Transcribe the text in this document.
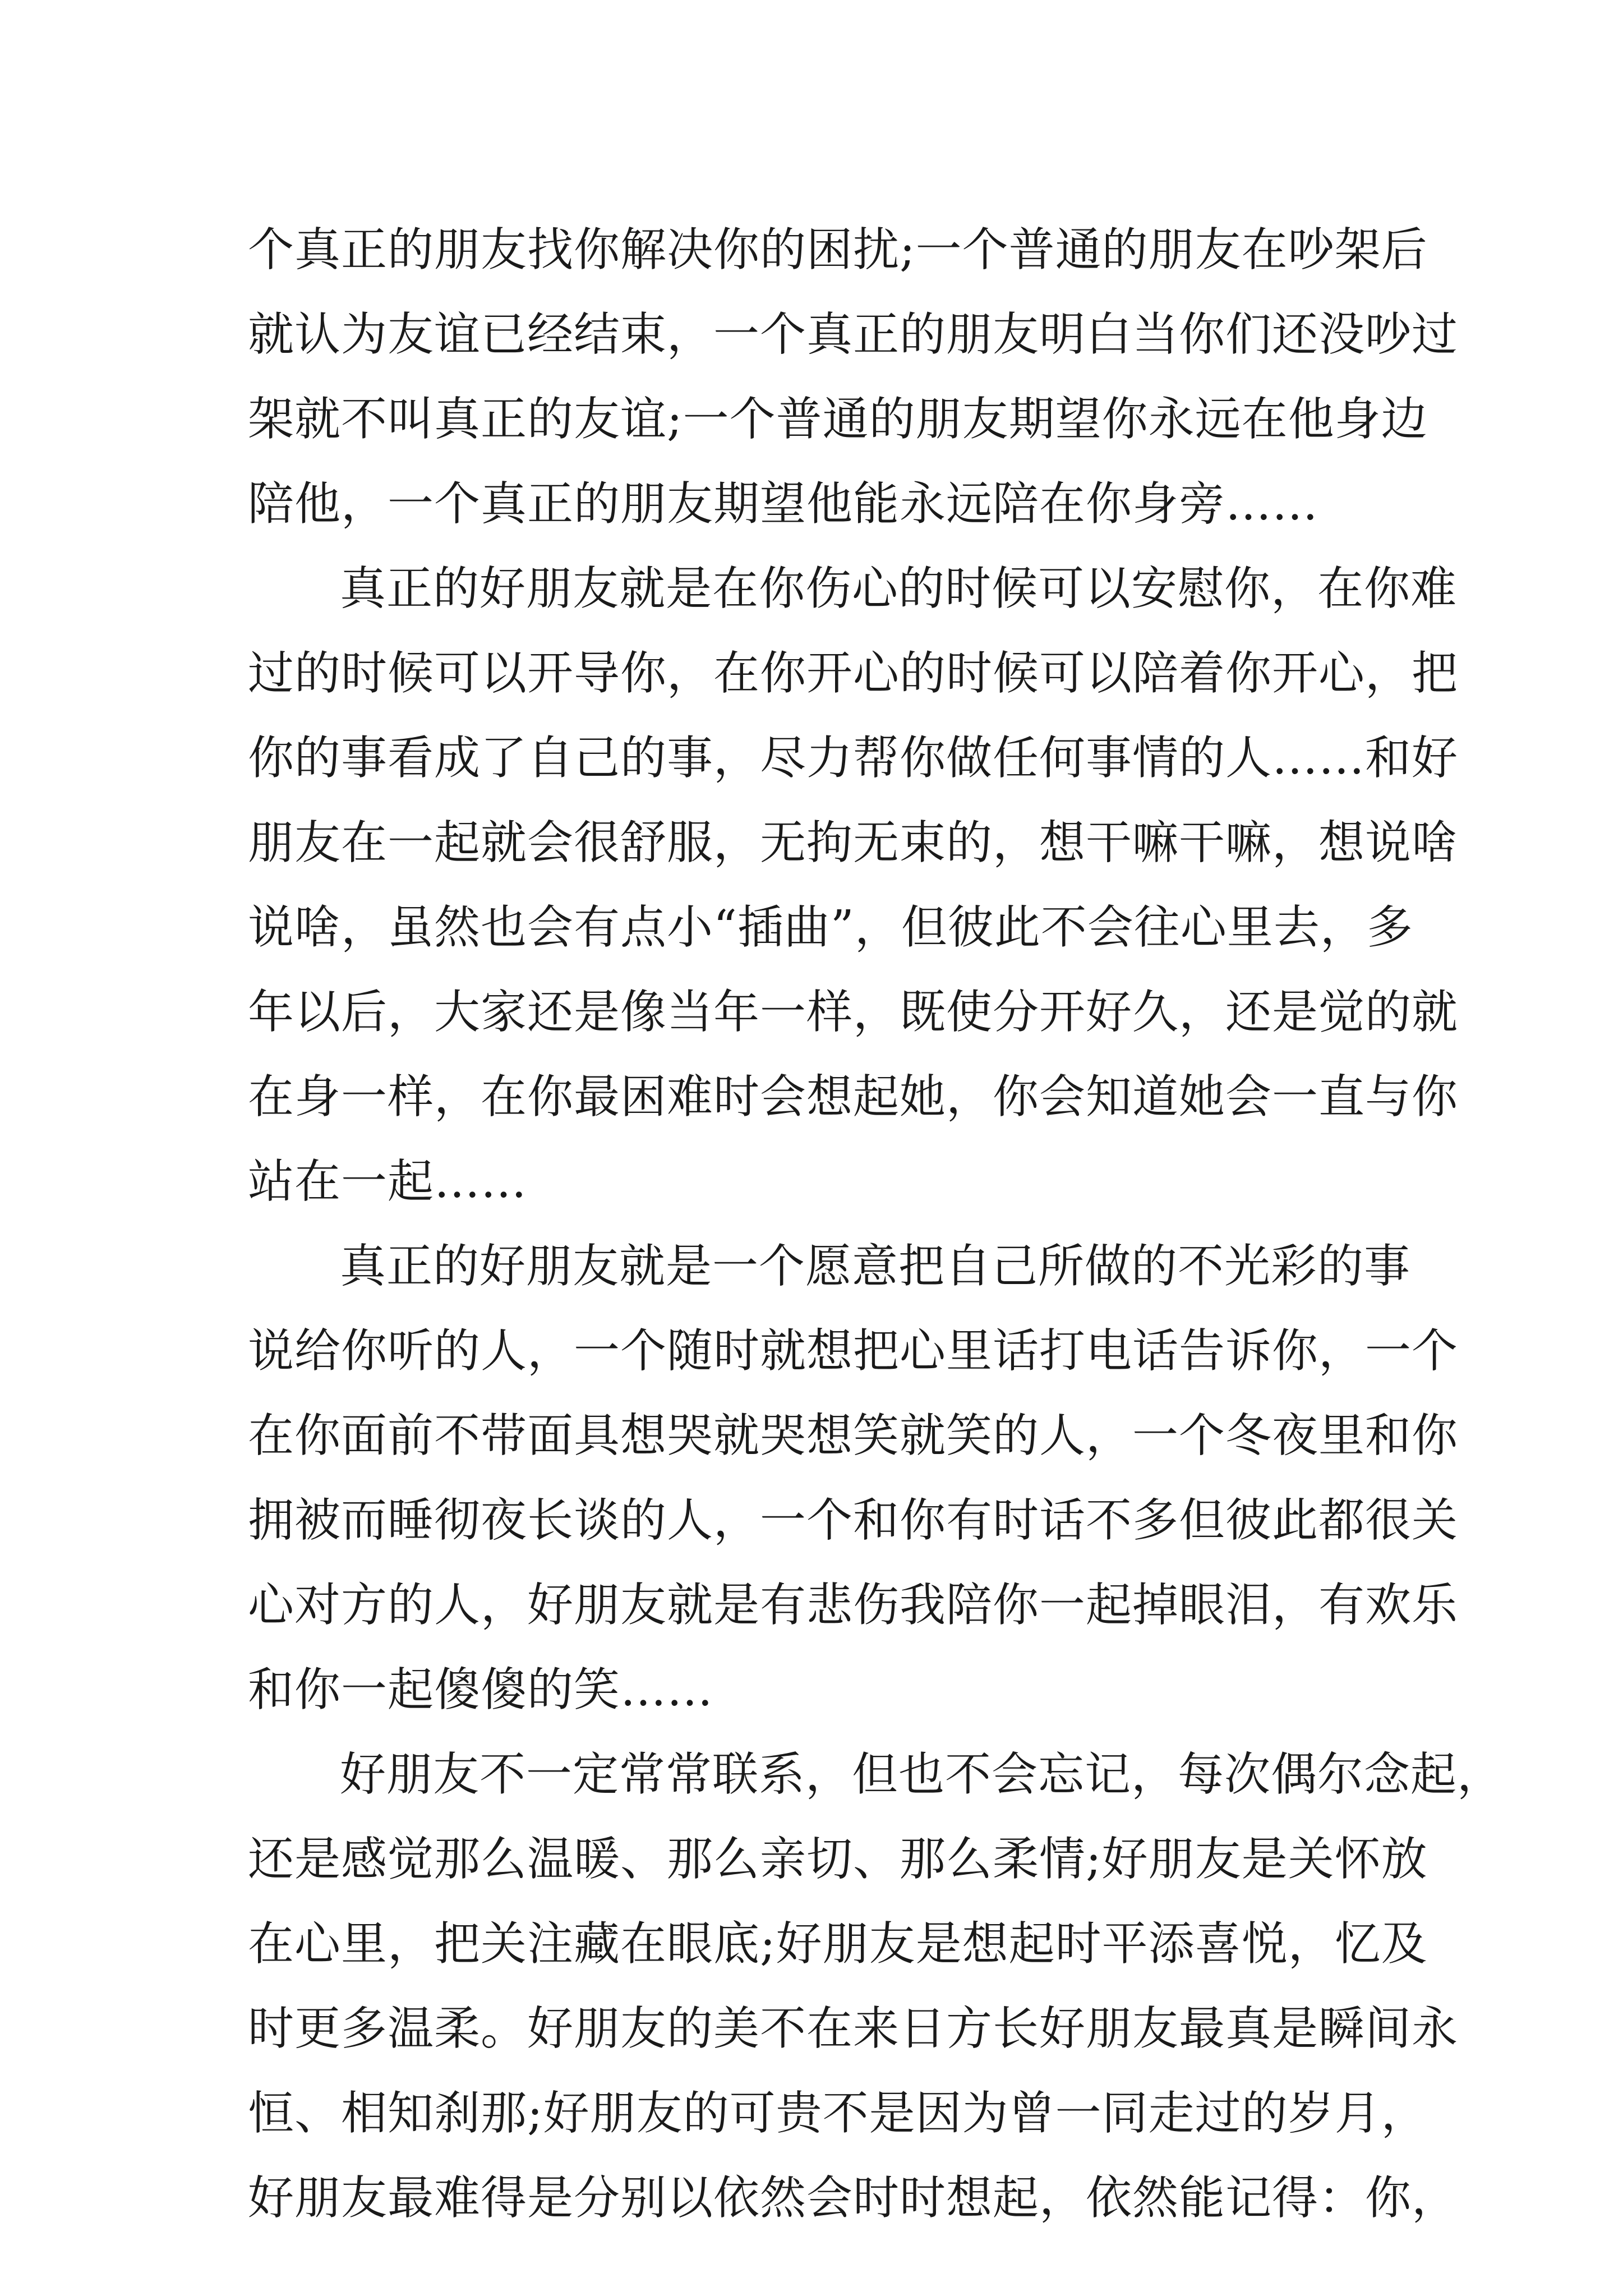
个真正的朋友找你解决你的困扰;一个普通的朋友在吵架后
就认为友谊已经结束，一个真正的朋友明白当你们还没吵过
架就不叫真正的友谊;一个普通的朋友期望你永远在他身边
陪他，一个真正的朋友期望他能永远陪在你身旁……
真正的好朋友就是在你伤心的时候可以安慰你，在你难
过的时候可以开导你，在你开心的时候可以陪着你开心，把
你的事看成了自己的事，尽力帮你做任何事情的人……和好
朋友在一起就会很舒服，无拘无束的，想干嘛干嘛，想说啥
说啥，虽然也会有点小“插曲”，但彼此不会往心里去，多
年以后，大家还是像当年一样，既使分开好久，还是觉的就
在身一样，在你最困难时会想起她，你会知道她会一直与你
站在一起……
真正的好朋友就是一个愿意把自己所做的不光彩的事
说给你听的人，一个随时就想把心里话打电话告诉你，一个
在你面前不带面具想哭就哭想笑就笑的人，一个冬夜里和你
拥被而睡彻夜长谈的人，一个和你有时话不多但彼此都很关
心对方的人，好朋友就是有悲伤我陪你一起掉眼泪，有欢乐
和你一起傻傻的笑……
好朋友不一定常常联系，但也不会忘记，每次偶尔念起，
还是感觉那么温暖、那么亲切、那么柔情;好朋友是关怀放
在心里，把关注藏在眼底;好朋友是想起时平添喜悦，忆及
时更多温柔。好朋友的美不在来日方长好朋友最真是瞬间永
恒、相知刹那;好朋友的可贵不是因为曾一同走过的岁月，
好朋友最难得是分别以依然会时时想起，依然能记得：你，
